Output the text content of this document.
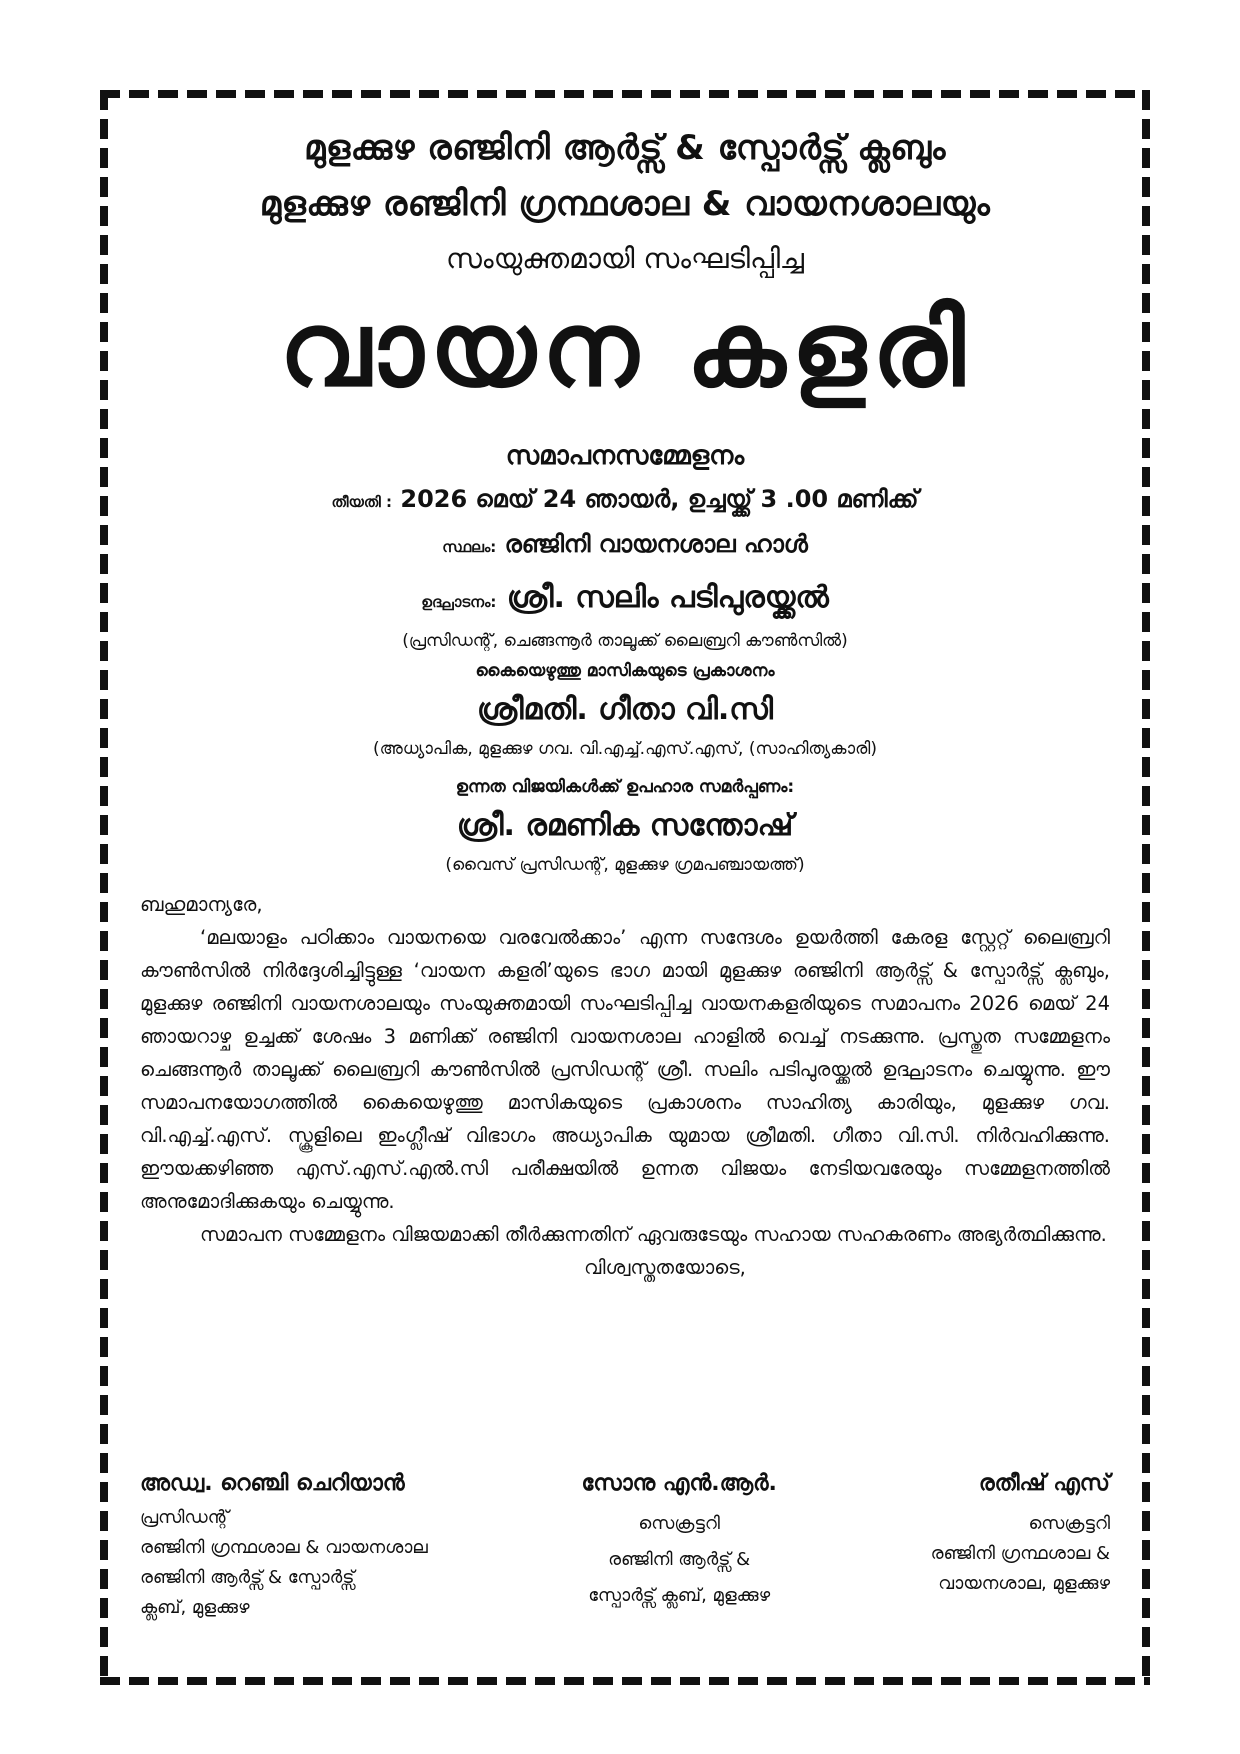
മുളക്കുഴ രഞ്ജിനി ആർട്സ് & സ്പോർട്സ് ക്ലബും
മുളക്കുഴ രഞ്ജിനി ഗ്രന്ഥശാല & വായനശാലയും
സംയുക്തമായി സംഘടിപ്പിച്ച
വായന കളരി
സമാപനസമ്മേളനം
തീയതി : 2026 മെയ് 24 ഞായർ, ഉച്ചയ്ക്ക് 3 .00 മണിക്ക്
സ്ഥലം: രഞ്ജിനി വായനശാല ഹാൾ
ഉദ്ഘാടനം: ശ്രീ. സലിം പടിപുരയ്ക്കൽ
(പ്രസിഡന്റ്, ചെങ്ങന്നൂർ താലൂക്ക് ലൈബ്രറി കൗൺസിൽ)
കൈയെഴുത്തു മാസികയുടെ പ്രകാശനം
ശ്രീമതി. ഗീതാ വി.സി
(അധ്യാപിക, മുളക്കുഴ ഗവ. വി.എച്ച്.എസ്.എസ്, (സാഹിത്യകാരി)
ഉന്നത വിജയികൾക്ക് ഉപഹാര സമർപ്പണം:
ശ്രീ. രമണിക സന്തോഷ്
(വൈസ് പ്രസിഡന്റ്, മുളക്കുഴ ഗ്രമപഞ്ചായത്ത്)

ബഹുമാന്യരേ,

‘മലയാളം പഠിക്കാം വായനയെ വരവേൽക്കാം’ എന്ന സന്ദേശം ഉയർത്തി കേരള സ്റ്റേറ്റ് ലൈബ്രറി കൗൺസിൽ നിർദ്ദേശിച്ചിട്ടുള്ള ‘വായന കളരി’യുടെ ഭാഗ മായി മുളക്കുഴ രഞ്ജിനി ആർട്സ് & സ്പോർട്സ് ക്ലബും, മുളക്കുഴ രഞ്ജിനി വായനശാലയും സംയുക്തമായി സംഘടിപ്പിച്ച വായനകളരിയുടെ സമാപനം 2026 മെയ് 24 ഞായറാഴ്ച ഉച്ചക്ക് ശേഷം 3 മണിക്ക് രഞ്ജിനി വായനശാല ഹാളിൽ വെച്ച് നടക്കുന്നു. പ്രസ്തുത സമ്മേളനം ചെങ്ങന്നൂർ താലൂക്ക് ലൈബ്രറി കൗൺസിൽ പ്രസിഡന്റ് ശ്രീ. സലിം പടിപുരയ്ക്കൽ ഉദ്ഘാടനം ചെയ്യുന്നു. ഈ സമാപനയോഗത്തിൽ കൈയെഴുത്തു മാസികയുടെ പ്രകാശനം സാഹിത്യ കാരിയും, മുളക്കുഴ ഗവ. വി.എച്ച്.എസ്. സ്കൂളിലെ ഇംഗ്ലീഷ് വിഭാഗം അധ്യാപിക യുമായ ശ്രീമതി. ഗീതാ വി.സി. നിർവഹിക്കുന്നു. ഈയക്കഴിഞ്ഞ എസ്.എസ്.എൽ.സി പരീക്ഷയിൽ ഉന്നത വിജയം നേടിയവരേയും സമ്മേളനത്തിൽ അനുമോദിക്കുകയും ചെയ്യുന്നു.

സമാപന സമ്മേളനം വിജയമാക്കി തീർക്കുന്നതിന് ഏവരുടേയും സഹായ സഹകരണം അഭ്യർത്ഥിക്കുന്നു.

വിശ്വസ്തതയോടെ,
അഡ്വ. റെഞ്ചി ചെറിയാൻ
പ്രസിഡന്റ്
രഞ്ജിനി ഗ്രന്ഥശാല & വായനശാല
രഞ്ജിനി ആർട്സ് & സ്പോർട്സ്
ക്ലബ്, മുളക്കുഴ
സോനു എൻ.ആർ.
സെക്രട്ടറി
രഞ്ജിനി ആർട്സ് &
സ്പോർട്സ് ക്ലബ്, മുളക്കുഴ
രതീഷ് എസ്
സെക്രട്ടറി
രഞ്ജിനി ഗ്രന്ഥശാല &
വായനശാല, മുളക്കുഴ
